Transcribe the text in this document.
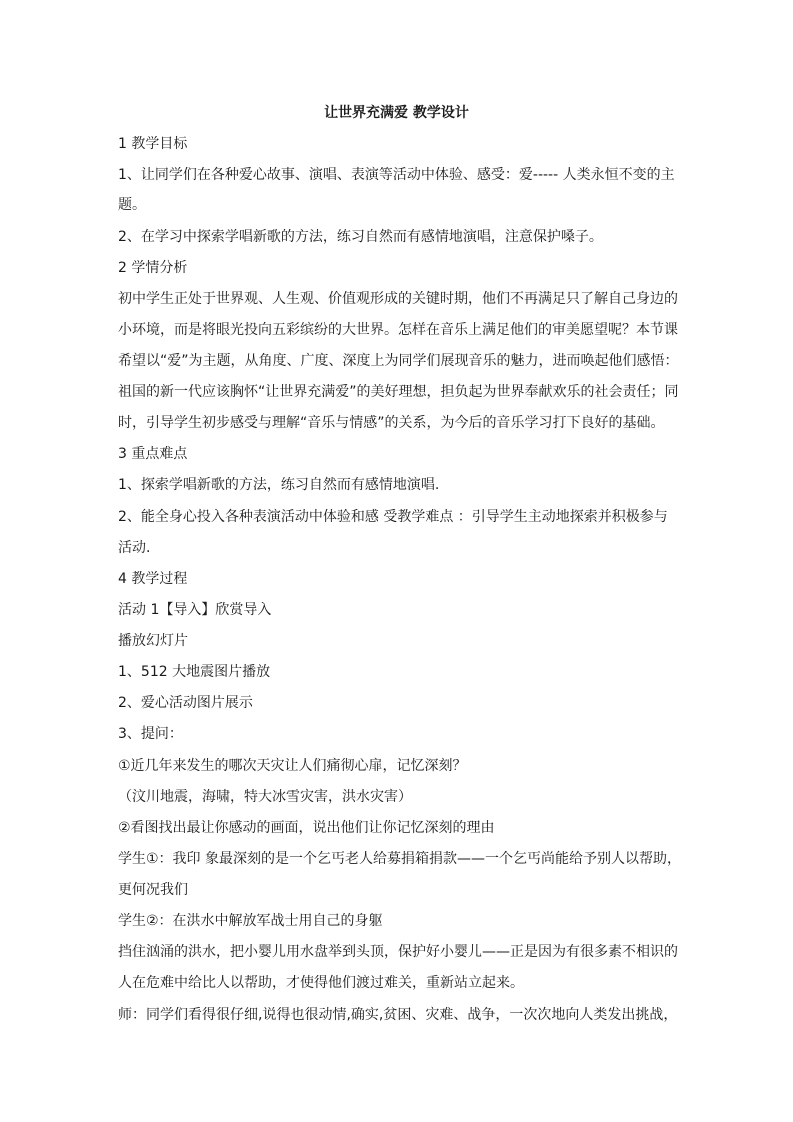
让世界充满爱 教学设计
1 教学目标
1、让同学们在各种爱心故事、演唱、表演等活动中体验、感受：爱----- 人类永恒不变的主
题。
2、在学习中探索学唱新歌的方法，练习自然而有感情地演唱，注意保护嗓子。
2 学情分析
初中学生正处于世界观、人生观、价值观形成的关键时期，他们不再满足只了解自己身边的
小环境，而是将眼光投向五彩缤纷的大世界。怎样在音乐上满足他们的审美愿望呢？本节课
希望以“爱”为主题，从角度、广度、深度上为同学们展现音乐的魅力，进而唤起他们感悟：
祖国的新一代应该胸怀“让世界充满爱”的美好理想，担负起为世界奉献欢乐的社会责任；同
时，引导学生初步感受与理解“音乐与情感”的关系，为今后的音乐学习打下良好的基础。
3 重点难点
1、探索学唱新歌的方法，练习自然而有感情地演唱.
2、能全身心投入各种表演活动中体验和感 受教学难点 ：引导学生主动地探索并积极参与
活动.
4 教学过程
活动 1【导入】欣赏导入
播放幻灯片
1、512 大地震图片播放
2、爱心活动图片展示
3、提问：
①近几年来发生的哪次天灾让人们痛彻心扉，记忆深刻？
（汶川地震，海啸，特大冰雪灾害，洪水灾害）
②看图找出最让你感动的画面，说出他们让你记忆深刻的理由
学生①：我印 象最深刻的是一个乞丐老人给募捐箱捐款——一个乞丐尚能给予别人以帮助，
更何况我们
学生②：在洪水中解放军战士用自己的身躯
挡住汹涌的洪水，把小婴儿用水盘举到头顶，保护好小婴儿——正是因为有很多素不相识的
人在危难中给比人以帮助，才使得他们渡过难关，重新站立起来。
师：同学们看得很仔细,说得也很动情,确实,贫困、灾难、战争，一次次地向人类发出挑战，
